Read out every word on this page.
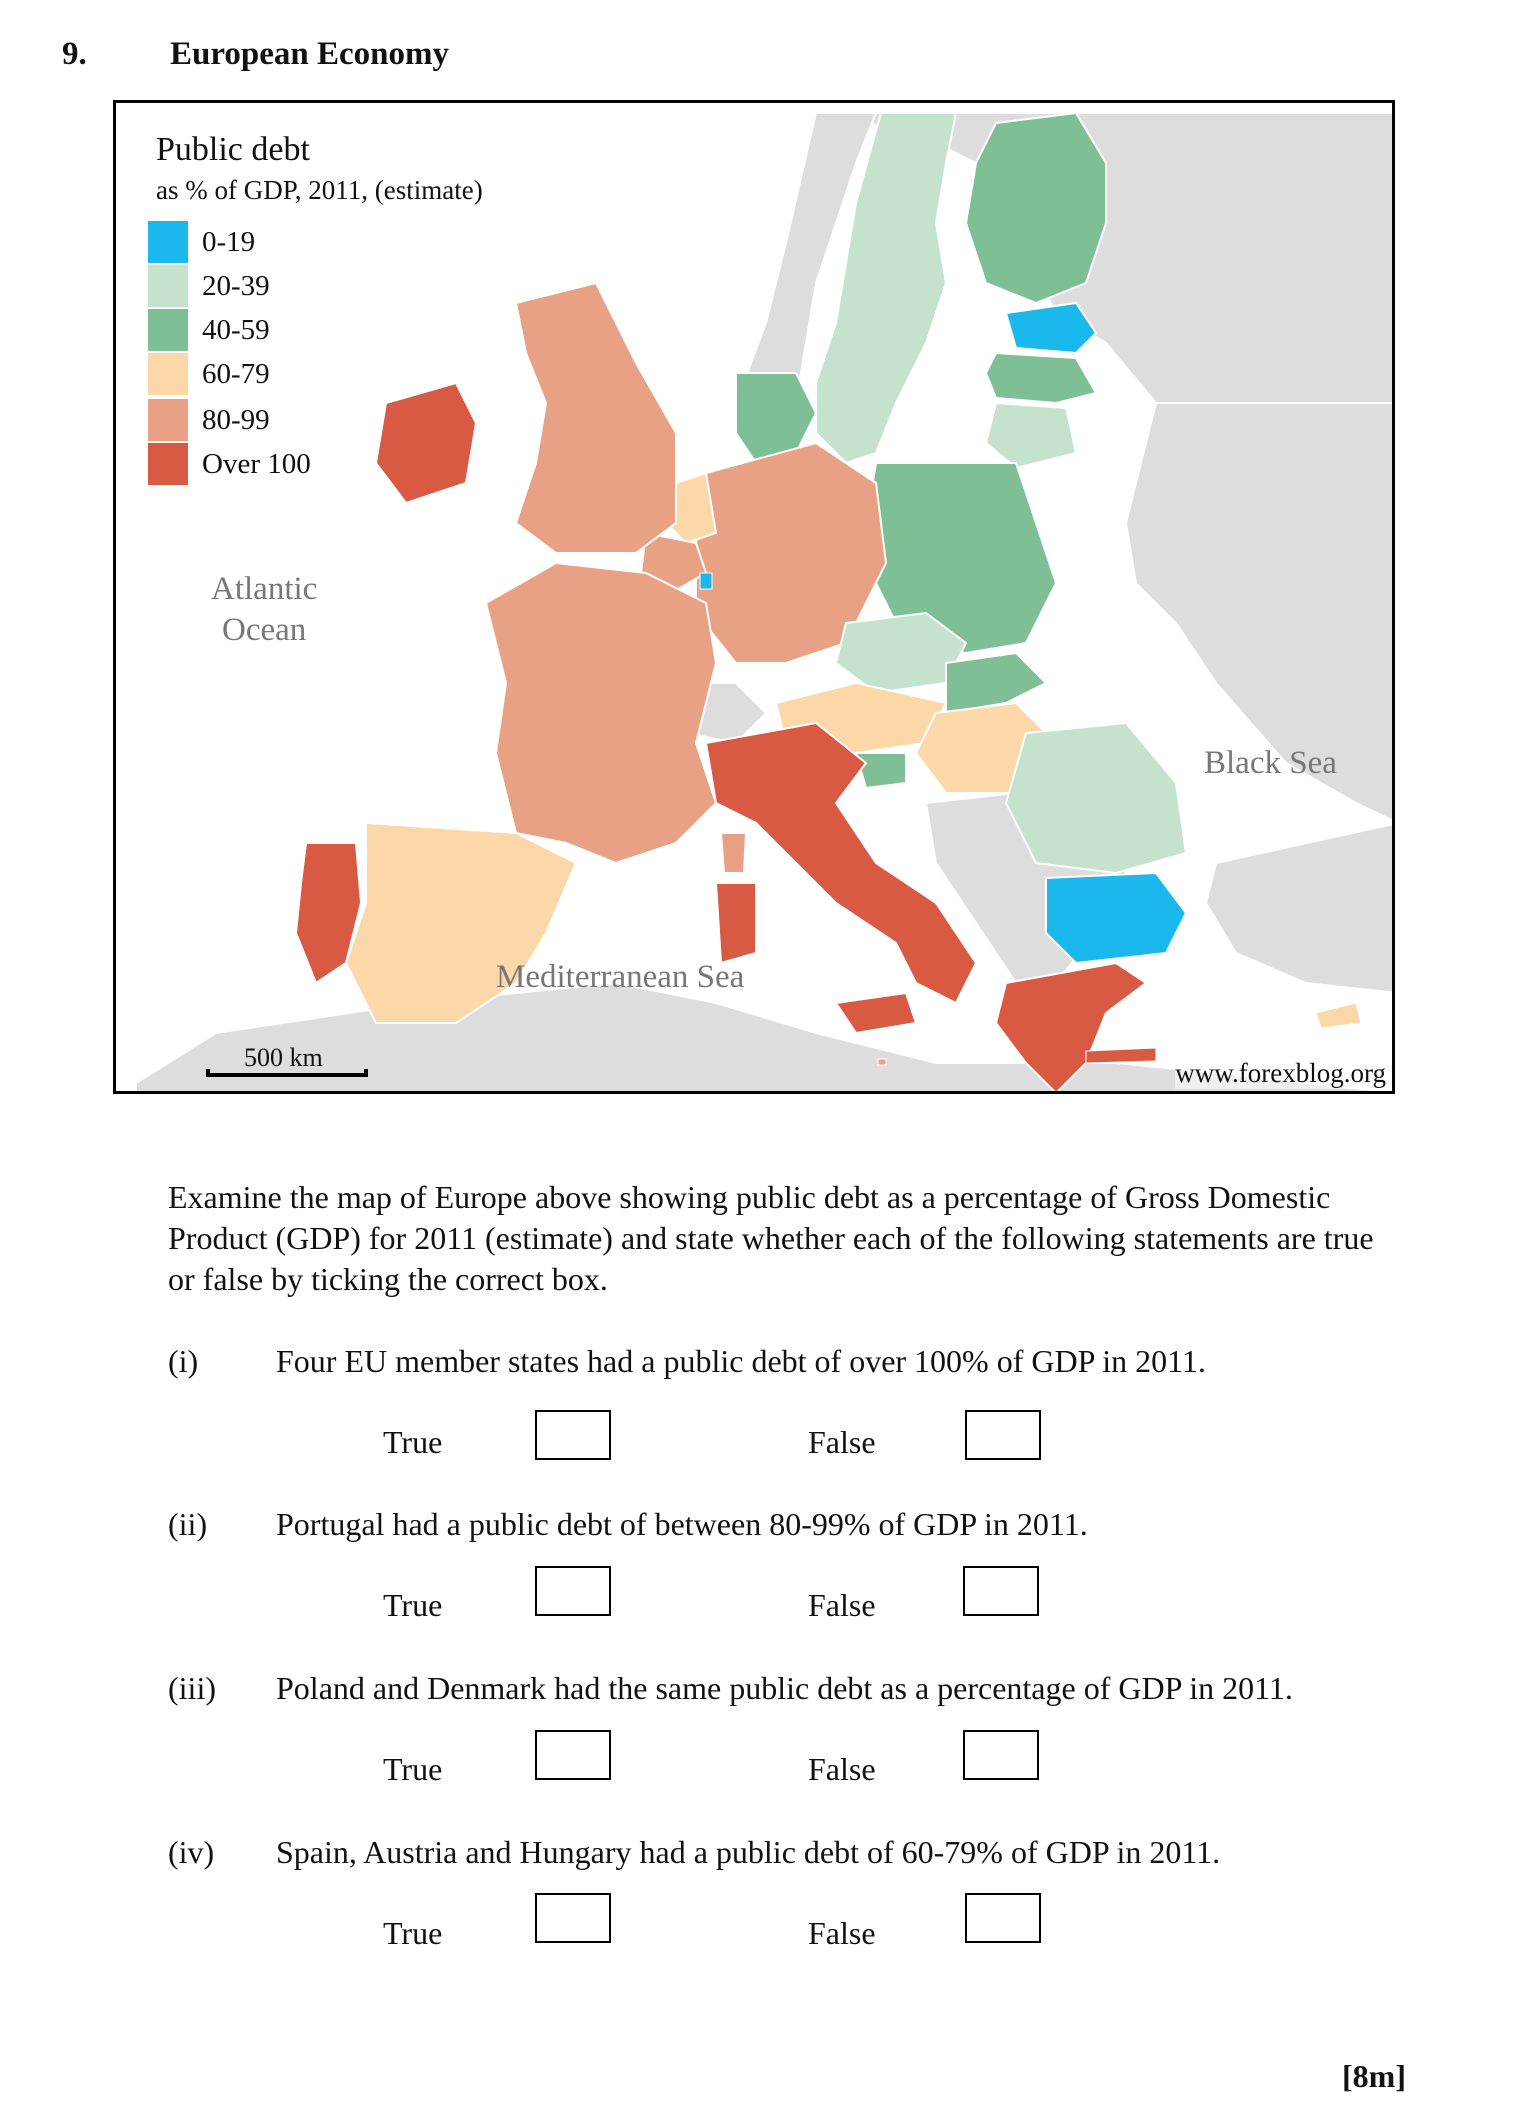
9.	European Economy
Public debt
as % of GDP, 2011, (estimate)
0-19
20-39
40-59
60-79
80-99
Over 100
Atlantic
Ocean
Black Sea
Mediterranean Sea
500 km
www.forexblog.org
Examine the map of Europe above showing public debt as a percentage of Gross Domestic Product (GDP) for 2011 (estimate) and state whether each of the following statements are true or false by ticking the correct box.
(i) Four EU member states had a public debt of over 100% of GDP in 2011.
True	False
(ii) Portugal had a public debt of between 80-99% of GDP in 2011.
True	False
(iii) Poland and Denmark had the same public debt as a percentage of GDP in 2011.
True	False
(iv) Spain, Austria and Hungary had a public debt of 60-79% of GDP in 2011.
True	False
[8m]
